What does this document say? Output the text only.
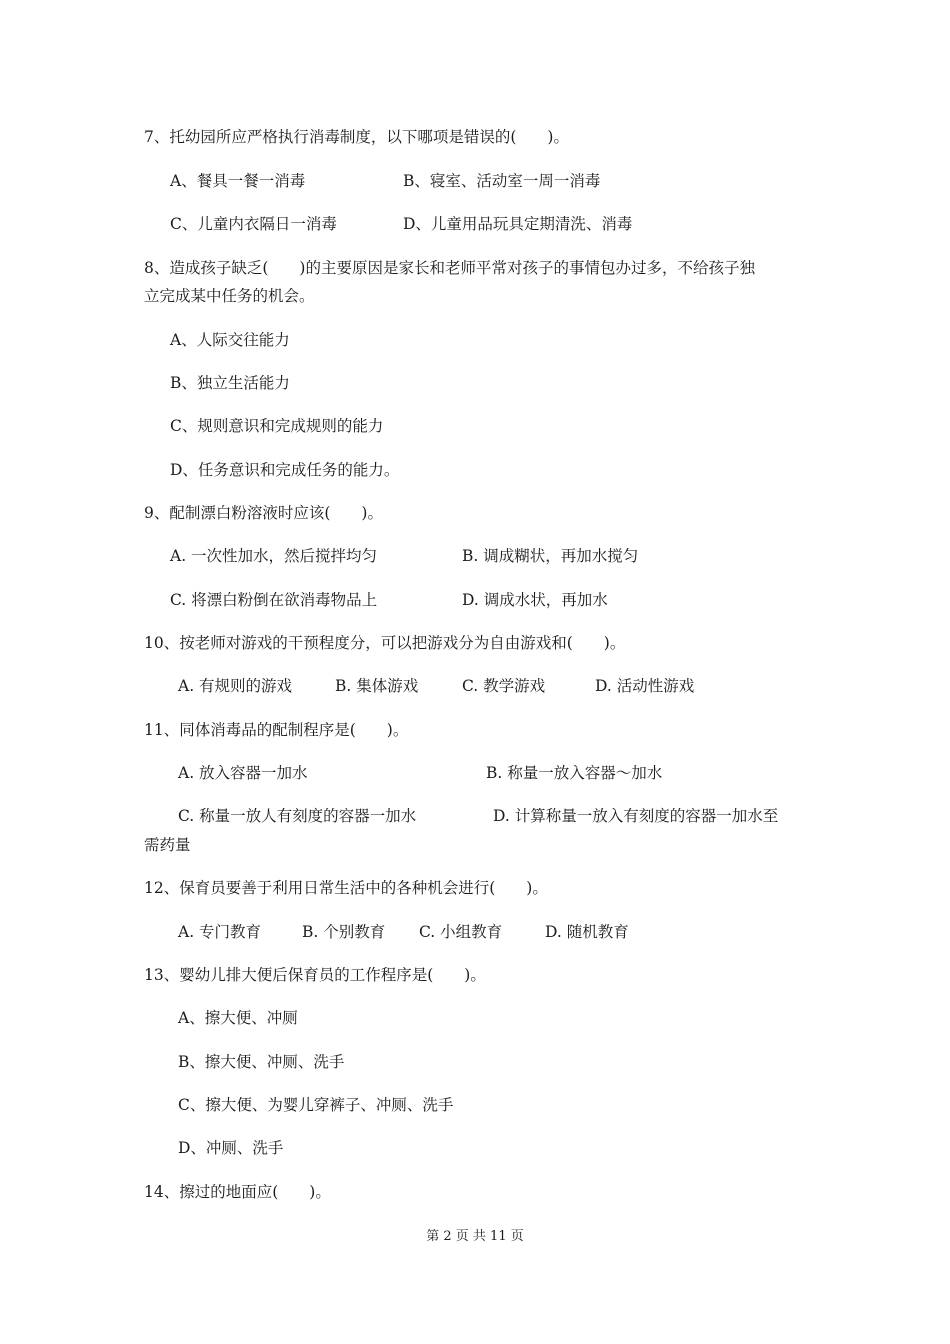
7、托幼园所应严格执行消毒制度，以下哪项是错误的(　　)。
A、餐具一餐一消毒	B、寝室、活动室一周一消毒
C、儿童内衣隔日一消毒	D、儿童用品玩具定期清洗、消毒
8、造成孩子缺乏(　　)的主要原因是家长和老师平常对孩子的事情包办过多，不给孩子独
立完成某中任务的机会。
A、人际交往能力
B、独立生活能力
C、规则意识和完成规则的能力
D、任务意识和完成任务的能力。
9、配制漂白粉溶液时应该(　　)。
A. 一次性加水，然后搅拌均匀	B. 调成糊状，再加水搅匀
C. 将漂白粉倒在欲消毒物品上	D. 调成水状，再加水
10、按老师对游戏的干预程度分，可以把游戏分为自由游戏和(　　)。
A. 有规则的游戏	B. 集体游戏	C. 教学游戏	D. 活动性游戏
11、同体消毒品的配制程序是(　　)。
A. 放入容器一加水	B. 称量一放入容器～加水
C. 称量一放人有刻度的容器一加水	D. 计算称量一放入有刻度的容器一加水至
需药量
12、保育员要善于利用日常生活中的各种机会进行(　　)。
A. 专门教育	B. 个别教育 C. 小组教育	D. 随机教育
13、婴幼儿排大便后保育员的工作程序是(　　)。
A、擦大便、冲厕
B、擦大便、冲厕、洗手
C、擦大便、为婴儿穿裤子、冲厕、洗手
D、冲厕、洗手
14、擦过的地面应(　　)。
第 2 页 共 11 页
